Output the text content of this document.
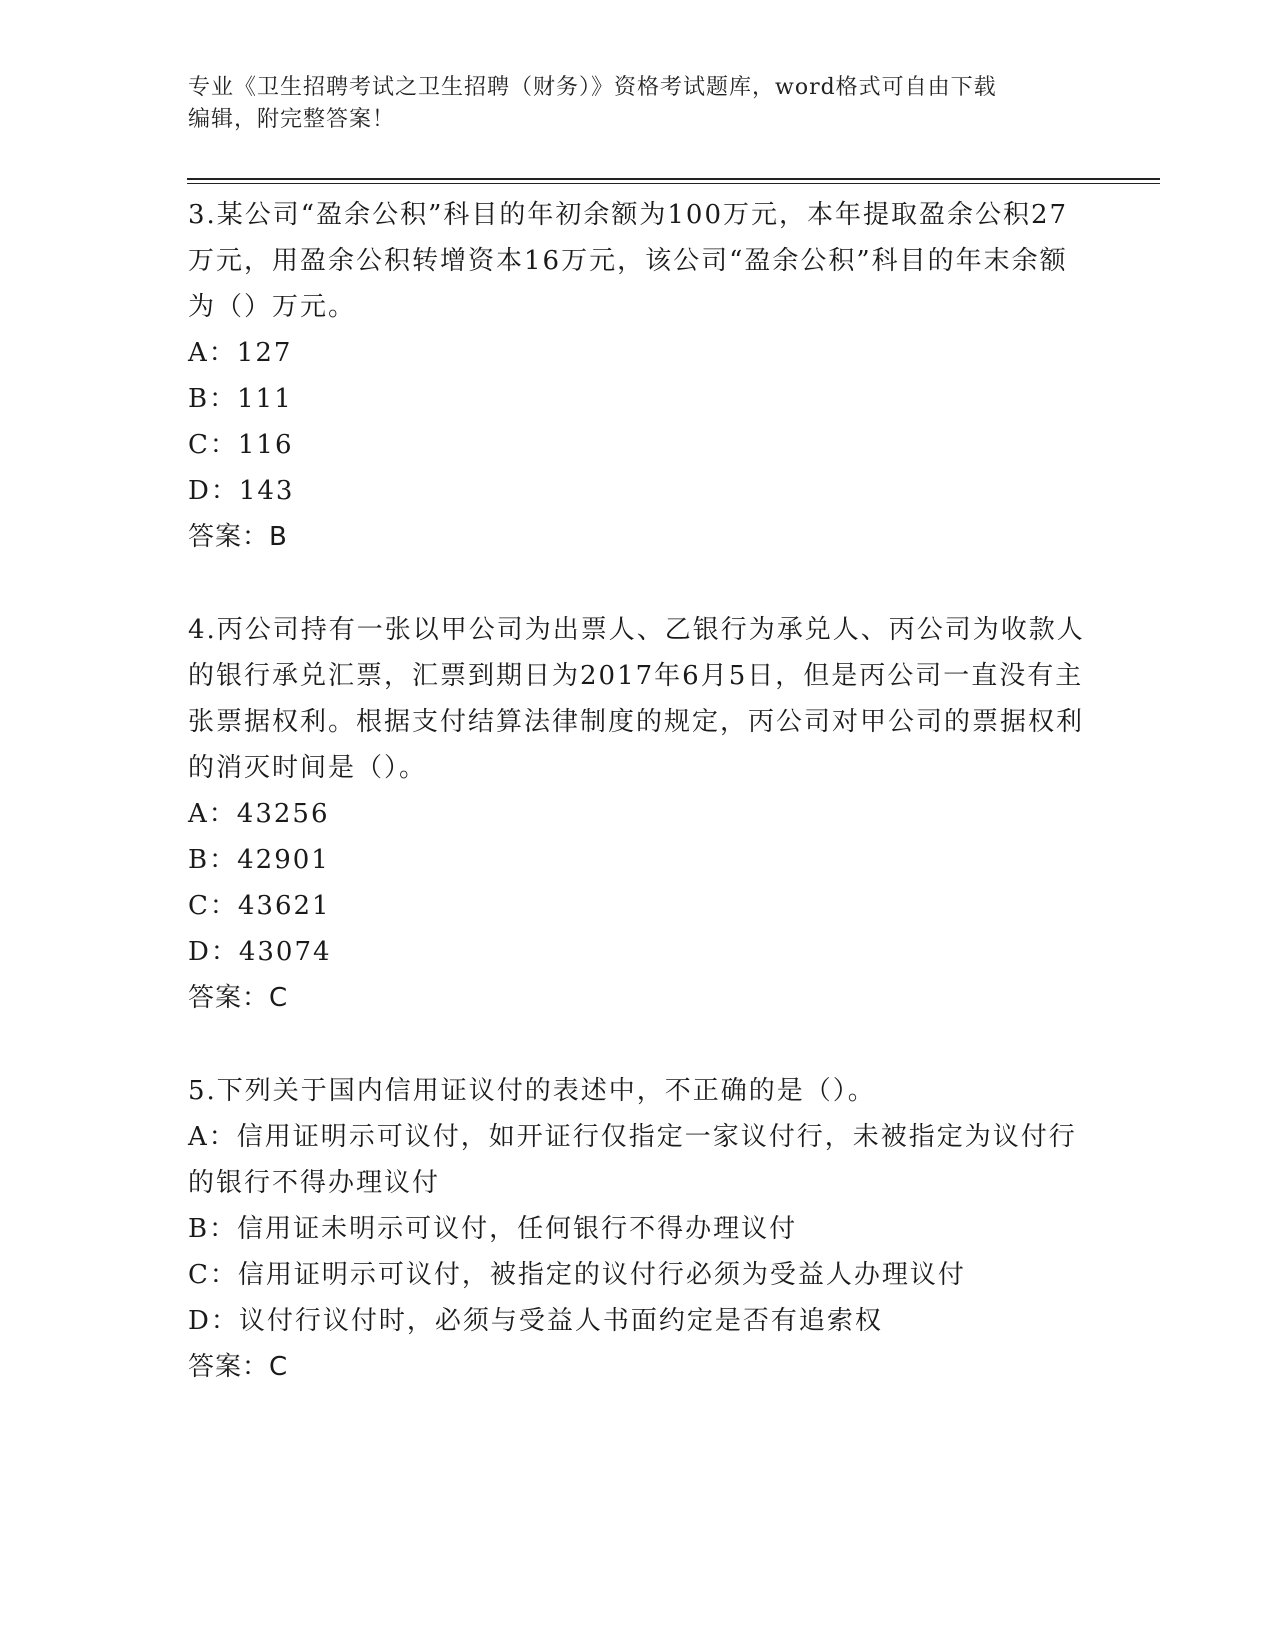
专业《卫生招聘考试之卫生招聘（财务）》资格考试题库，word格式可自由下载
编辑，附完整答案！

3.某公司“盈余公积”科目的年初余额为100万元，本年提取盈余公积27万元，用盈余公积转增资本16万元，该公司“盈余公积”科目的年末余额为（）万元。

A：127

B：111

C：116

D：143

答案：B

4.丙公司持有一张以甲公司为出票人、乙银行为承兑人、丙公司为收款人的银行承兑汇票，汇票到期日为2017年6月5日，但是丙公司一直没有主张票据权利。根据支付结算法律制度的规定，丙公司对甲公司的票据权利的消灭时间是（）。

A：43256

B：42901

C：43621

D：43074

答案：C

5.下列关于国内信用证议付的表述中，不正确的是（）。

A：信用证明示可议付，如开证行仅指定一家议付行，未被指定为议付行的银行不得办理议付

B：信用证未明示可议付，任何银行不得办理议付

C：信用证明示可议付，被指定的议付行必须为受益人办理议付

D：议付行议付时，必须与受益人书面约定是否有追索权

答案：C
